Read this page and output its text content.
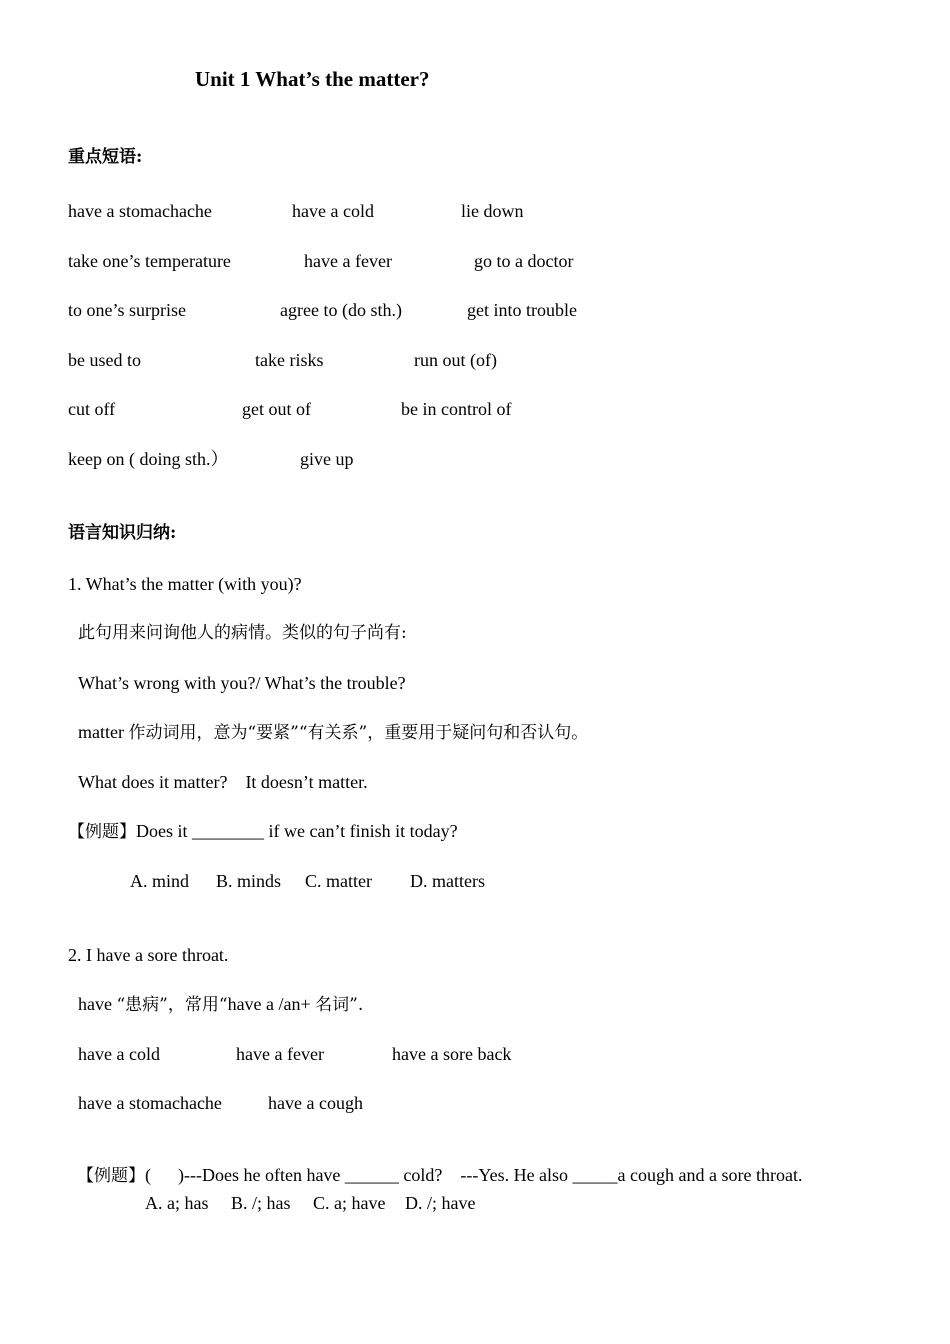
Unit 1 What’s the matter?
重点短语:
have a stomachache	have a cold	lie down
take one’s temperature	have a fever	go to a doctor
to one’s surprise	agree to (do sth.)	get into trouble
be used to	take risks	run out (of)
cut off	get out of	be in control of
keep on ( doing sth.）	give up
语言知识归纳:
1. What’s the matter (with you)?
此句用来问询他人的病情。类似的句子尚有:
What’s wrong with you?/ What’s the trouble?
matter 作动词用，意为“要紧”“有关系”，重要用于疑问句和否认句。
What does it matter?    It doesn’t matter.
【例题】Does it ________ if we can’t finish it today?
A. mind B. minds C. matter D. matters
2. I have a sore throat.
have “患病”，常用“have a /an+ 名词”.
have a cold	have a fever	have a sore back
have a stomachache	have a cough

【例题】(      )---Does he often have ______ cold?    ---Yes. He also _____a cough and a sore throat.

A. a; has B. /; has C. a; have D. /; have
